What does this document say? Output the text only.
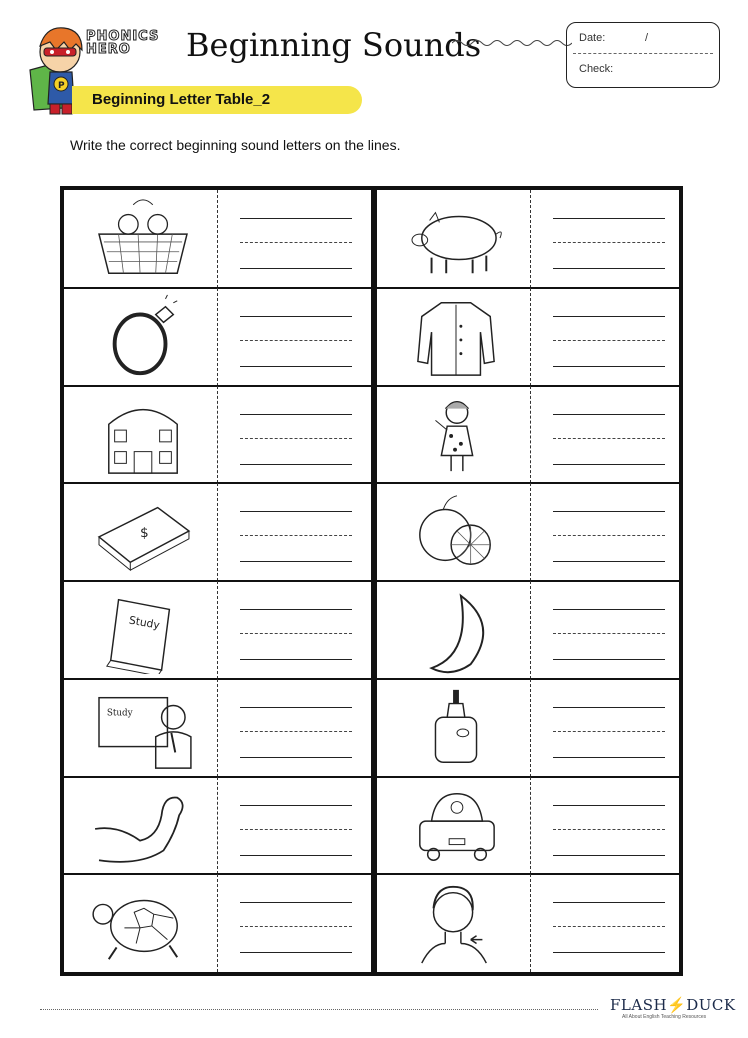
P
PHONICS
HERO	Beginning Sounds	Date:	/
Check:
Beginning Letter Table_2
Write the correct beginning sound letters on the lines.
$
Study
Study
FLASH⚡DUCK
All About English Teaching Resources
